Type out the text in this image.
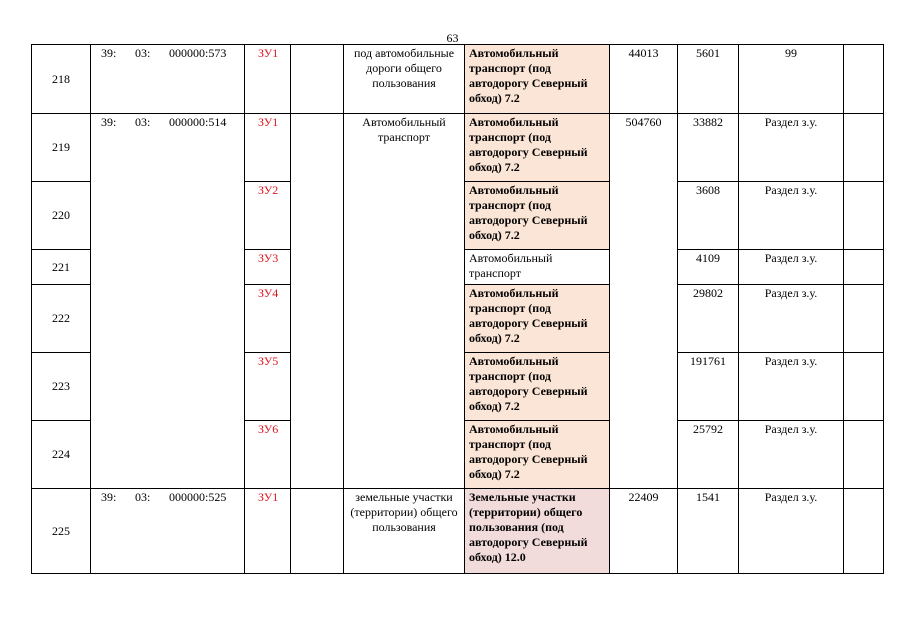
63
218	39: 03: 000000:573	ЗУ1		под автомобильные дороги общего пользования	Автомобильный транспорт (под автодорогу Северный обход) 7.2	44013	5601	99	
219	39: 03: 000000:514	ЗУ1		Автомобильный транспорт	Автомобильный транспорт (под автодорогу Северный обход) 7.2	504760	33882	Раздел з.у.	
220		ЗУ2			Автомобильный транспорт (под автодорогу Северный обход) 7.2		3608	Раздел з.у.	
221		ЗУ3			Автомобильный транспорт		4109	Раздел з.у.	
222		ЗУ4			Автомобильный транспорт (под автодорогу Северный обход) 7.2		29802	Раздел з.у.	
223		ЗУ5			Автомобильный транспорт (под автодорогу Северный обход) 7.2		191761	Раздел з.у.	
224		ЗУ6			Автомобильный транспорт (под автодорогу Северный обход) 7.2		25792	Раздел з.у.	
225	39: 03: 000000:525	ЗУ1		земельные участки (территории) общего пользования	Земельные участки (территории) общего пользования (под автодорогу Северный обход) 12.0	22409	1541	Раздел з.у.	
